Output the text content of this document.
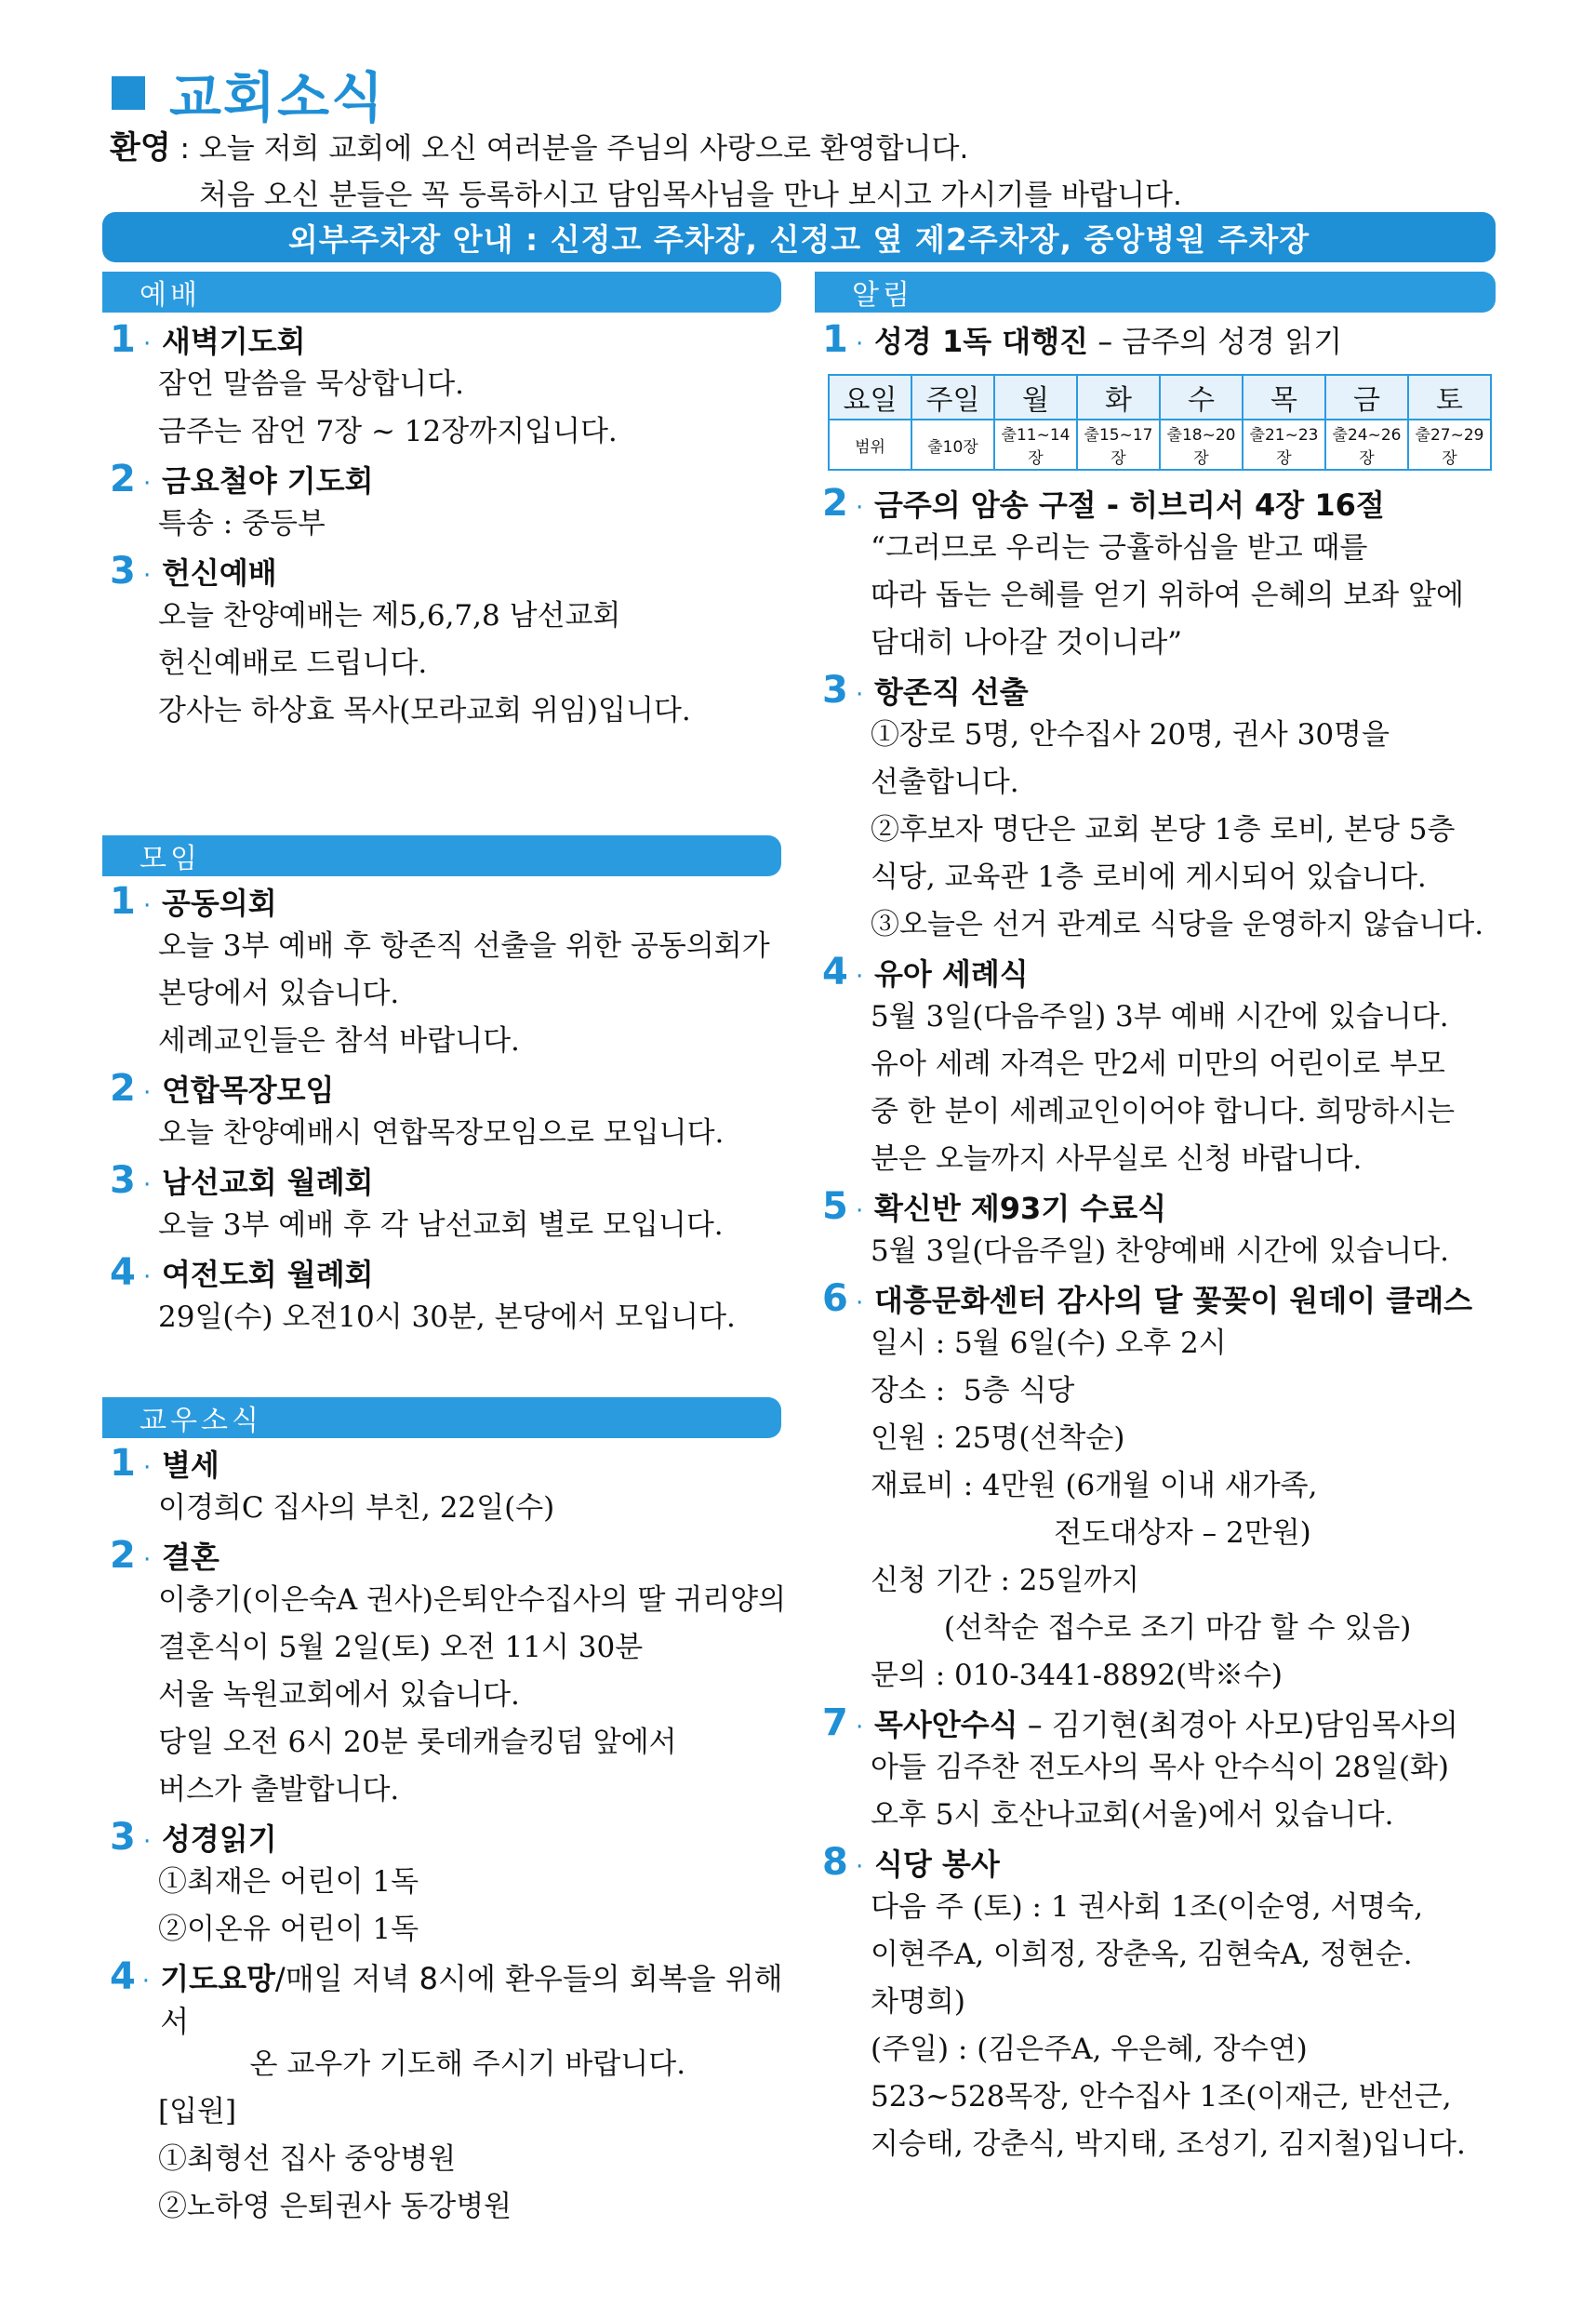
교회소식
환영 : 오늘 저희 교회에 오신 여러분을 주님의 사랑으로 환영합니다.
처음 오신 분들은 꼭 등록하시고 담임목사님을 만나 보시고 가시기를 바랍니다.
외부주차장 안내 : 신정고 주차장, 신정고 옆 제2주차장, 중앙병원 주차장
예배
모임
교우소식
알림
1 · 새벽기도회
잠언 말씀을 묵상합니다.
금주는 잠언 7장 ~ 12장까지입니다.
2 · 금요철야 기도회
특송 : 중등부
3 · 헌신예배
오늘 찬양예배는 제5,6,7,8 남선교회
헌신예배로 드립니다.
강사는 하상효 목사(모라교회 위임)입니다.
1 · 공동의회
오늘 3부 예배 후 항존직 선출을 위한 공동의회가
본당에서 있습니다.
세례교인들은 참석 바랍니다.
2 · 연합목장모임
오늘 찬양예배시 연합목장모임으로 모입니다.
3 · 남선교회 월례회
오늘 3부 예배 후 각 남선교회 별로 모입니다.
4 · 여전도회 월례회
29일(수) 오전10시 30분, 본당에서 모입니다.
1 · 별세
이경희C 집사의 부친, 22일(수)
2 · 결혼
이충기(이은숙A 권사)은퇴안수집사의 딸 귀리양의
결혼식이 5월 2일(토) 오전 11시 30분
서울 녹원교회에서 있습니다.
당일 오전 6시 20분 롯데캐슬킹덤 앞에서
버스가 출발합니다.
3 · 성경읽기
①최재은 어린이 1독
②이온유 어린이 1독
4 · 기도요망/매일 저녁 8시에 환우들의 회복을 위해서
온 교우가 기도해 주시기 바랍니다.
[입원]
①최형선 집사 중앙병원
②노하영 은퇴권사 동강병원
1 · 성경 1독 대행진 – 금주의 성경 읽기
요일	주일	월	화	수	목	금	토
범위	출10장	출11~14장	출15~17장	출18~20장	출21~23장	출24~26장	출27~29장
2 · 금주의 암송 구절 - 히브리서 4장 16절
“그러므로 우리는 긍휼하심을 받고 때를
따라 돕는 은혜를 얻기 위하여 은혜의 보좌 앞에
담대히 나아갈 것이니라”
3 · 항존직 선출
①장로 5명, 안수집사 20명, 권사 30명을
선출합니다.
②후보자 명단은 교회 본당 1층 로비, 본당 5층
식당, 교육관 1층 로비에 게시되어 있습니다.
③오늘은 선거 관계로 식당을 운영하지 않습니다.
4 · 유아 세례식
5월 3일(다음주일) 3부 예배 시간에 있습니다.
유아 세례 자격은 만2세 미만의 어린이로 부모
중 한 분이 세례교인이어야 합니다. 희망하시는
분은 오늘까지 사무실로 신청 바랍니다.
5 · 확신반 제93기 수료식
5월 3일(다음주일) 찬양예배 시간에 있습니다.
6 · 대흥문화센터 감사의 달 꽃꽂이 원데이 클래스
일시 : 5월 6일(수) 오후 2시
장소 :  5층 식당
인원 : 25명(선착순)
재료비 : 4만원 (6개월 이내 새가족,
전도대상자 – 2만원)
신청 기간 : 25일까지
(선착순 접수로 조기 마감 할 수 있음)
문의 : 010-3441-8892(박※수)
7 · 목사안수식 – 김기현(최경아 사모)담임목사의
아들 김주찬 전도사의 목사 안수식이 28일(화)
오후 5시 호산나교회(서울)에서 있습니다.
8 · 식당 봉사
다음 주 (토) : 1 권사회 1조(이순영, 서명숙,
이현주A, 이희정, 장춘옥, 김현숙A, 정현순.
차명희)
(주일) : (김은주A, 우은혜, 장수연)
523~528목장, 안수집사 1조(이재근, 반선근,
지승태, 강춘식, 박지태, 조성기, 김지철)입니다.
